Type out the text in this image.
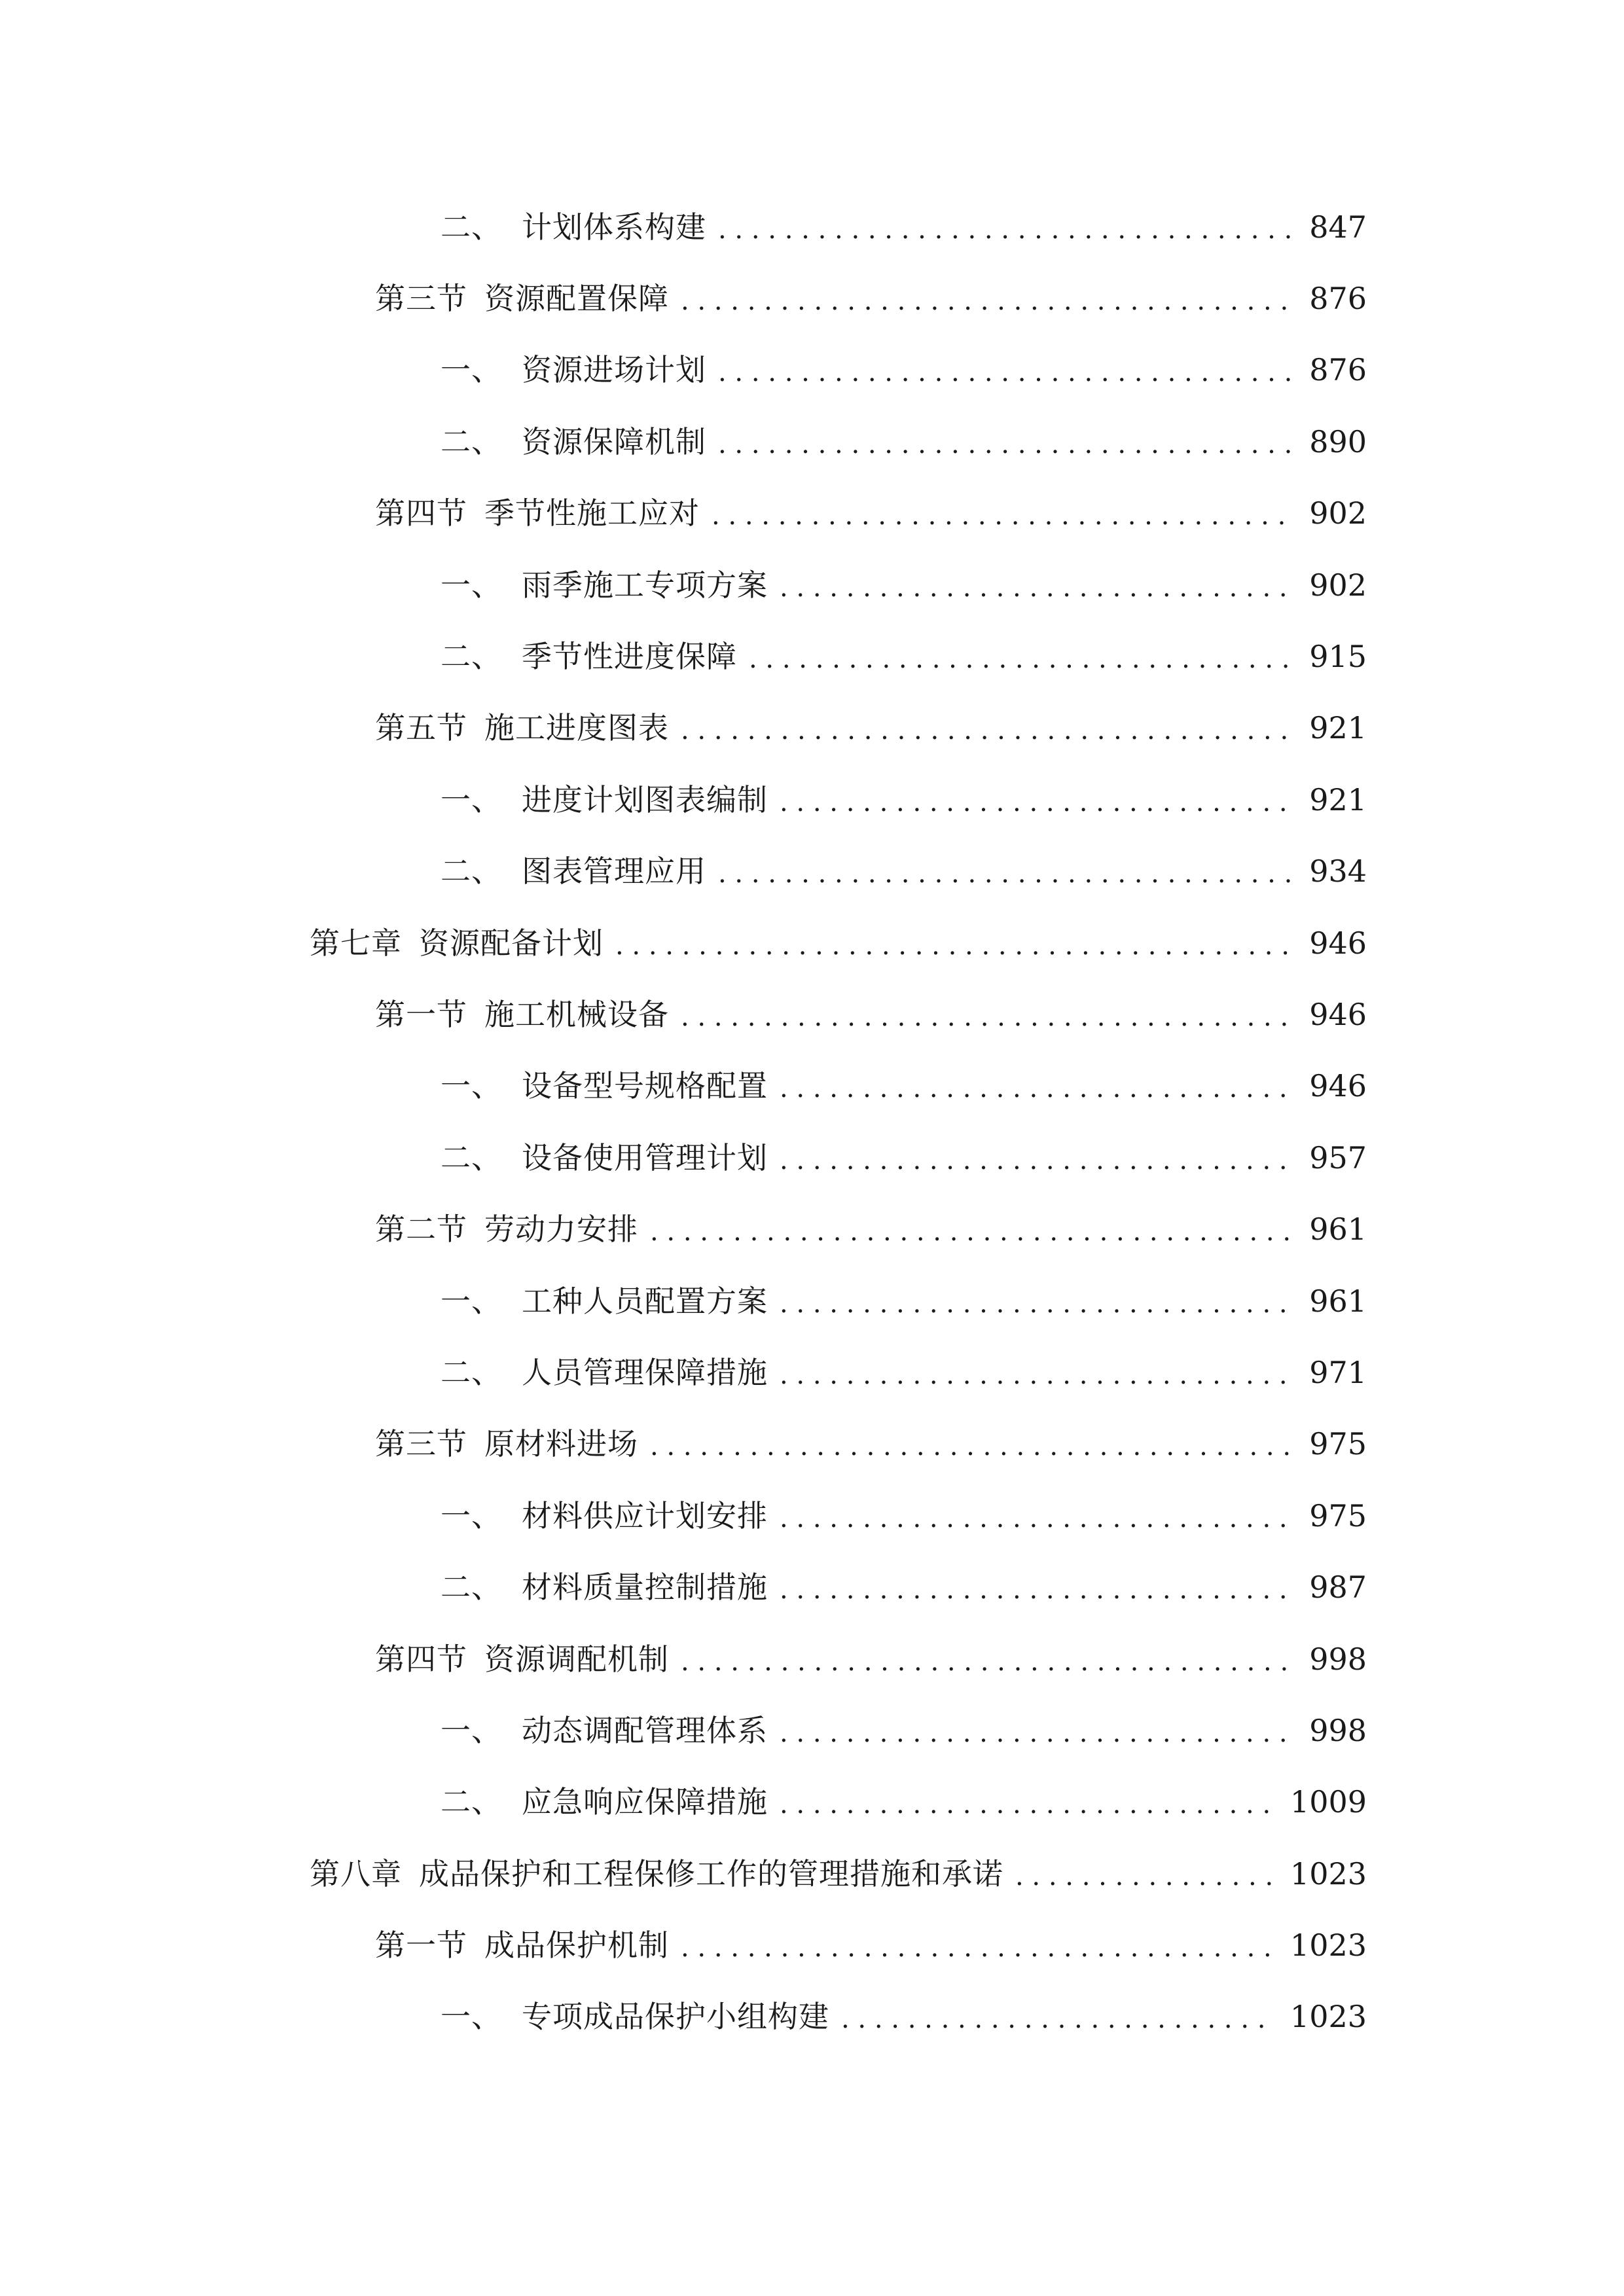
二、 计划体系构建 . . .	847
第三节 资源配置保障 . . .	876
一、 资源进场计划 . . .	876
二、 资源保障机制 . . .	890
第四节 季节性施工应对 . . .	902
一、 雨季施工专项方案 . . .	902
二、 季节性进度保障 . . .	915
第五节 施工进度图表 . . .	921
一、 进度计划图表编制 . . .	921
二、 图表管理应用 . . .	934
第七章 资源配备计划 . . .	946
第一节 施工机械设备 . . .	946
一、 设备型号规格配置 . . .	946
二、 设备使用管理计划 . . .	957
第二节 劳动力安排 . . .	961
一、 工种人员配置方案 . . .	961
二、 人员管理保障措施 . . .	971
第三节 原材料进场 . . .	975
一、 材料供应计划安排 . . .	975
二、 材料质量控制措施 . . .	987
第四节 资源调配机制 . . .	998
一、 动态调配管理体系 . . .	998
二、 应急响应保障措施 . . .	1009
第八章 成品保护和工程保修工作的管理措施和承诺 . . .	1023
第一节 成品保护机制 . . .	1023
一、 专项成品保护小组构建 . . .	1023
